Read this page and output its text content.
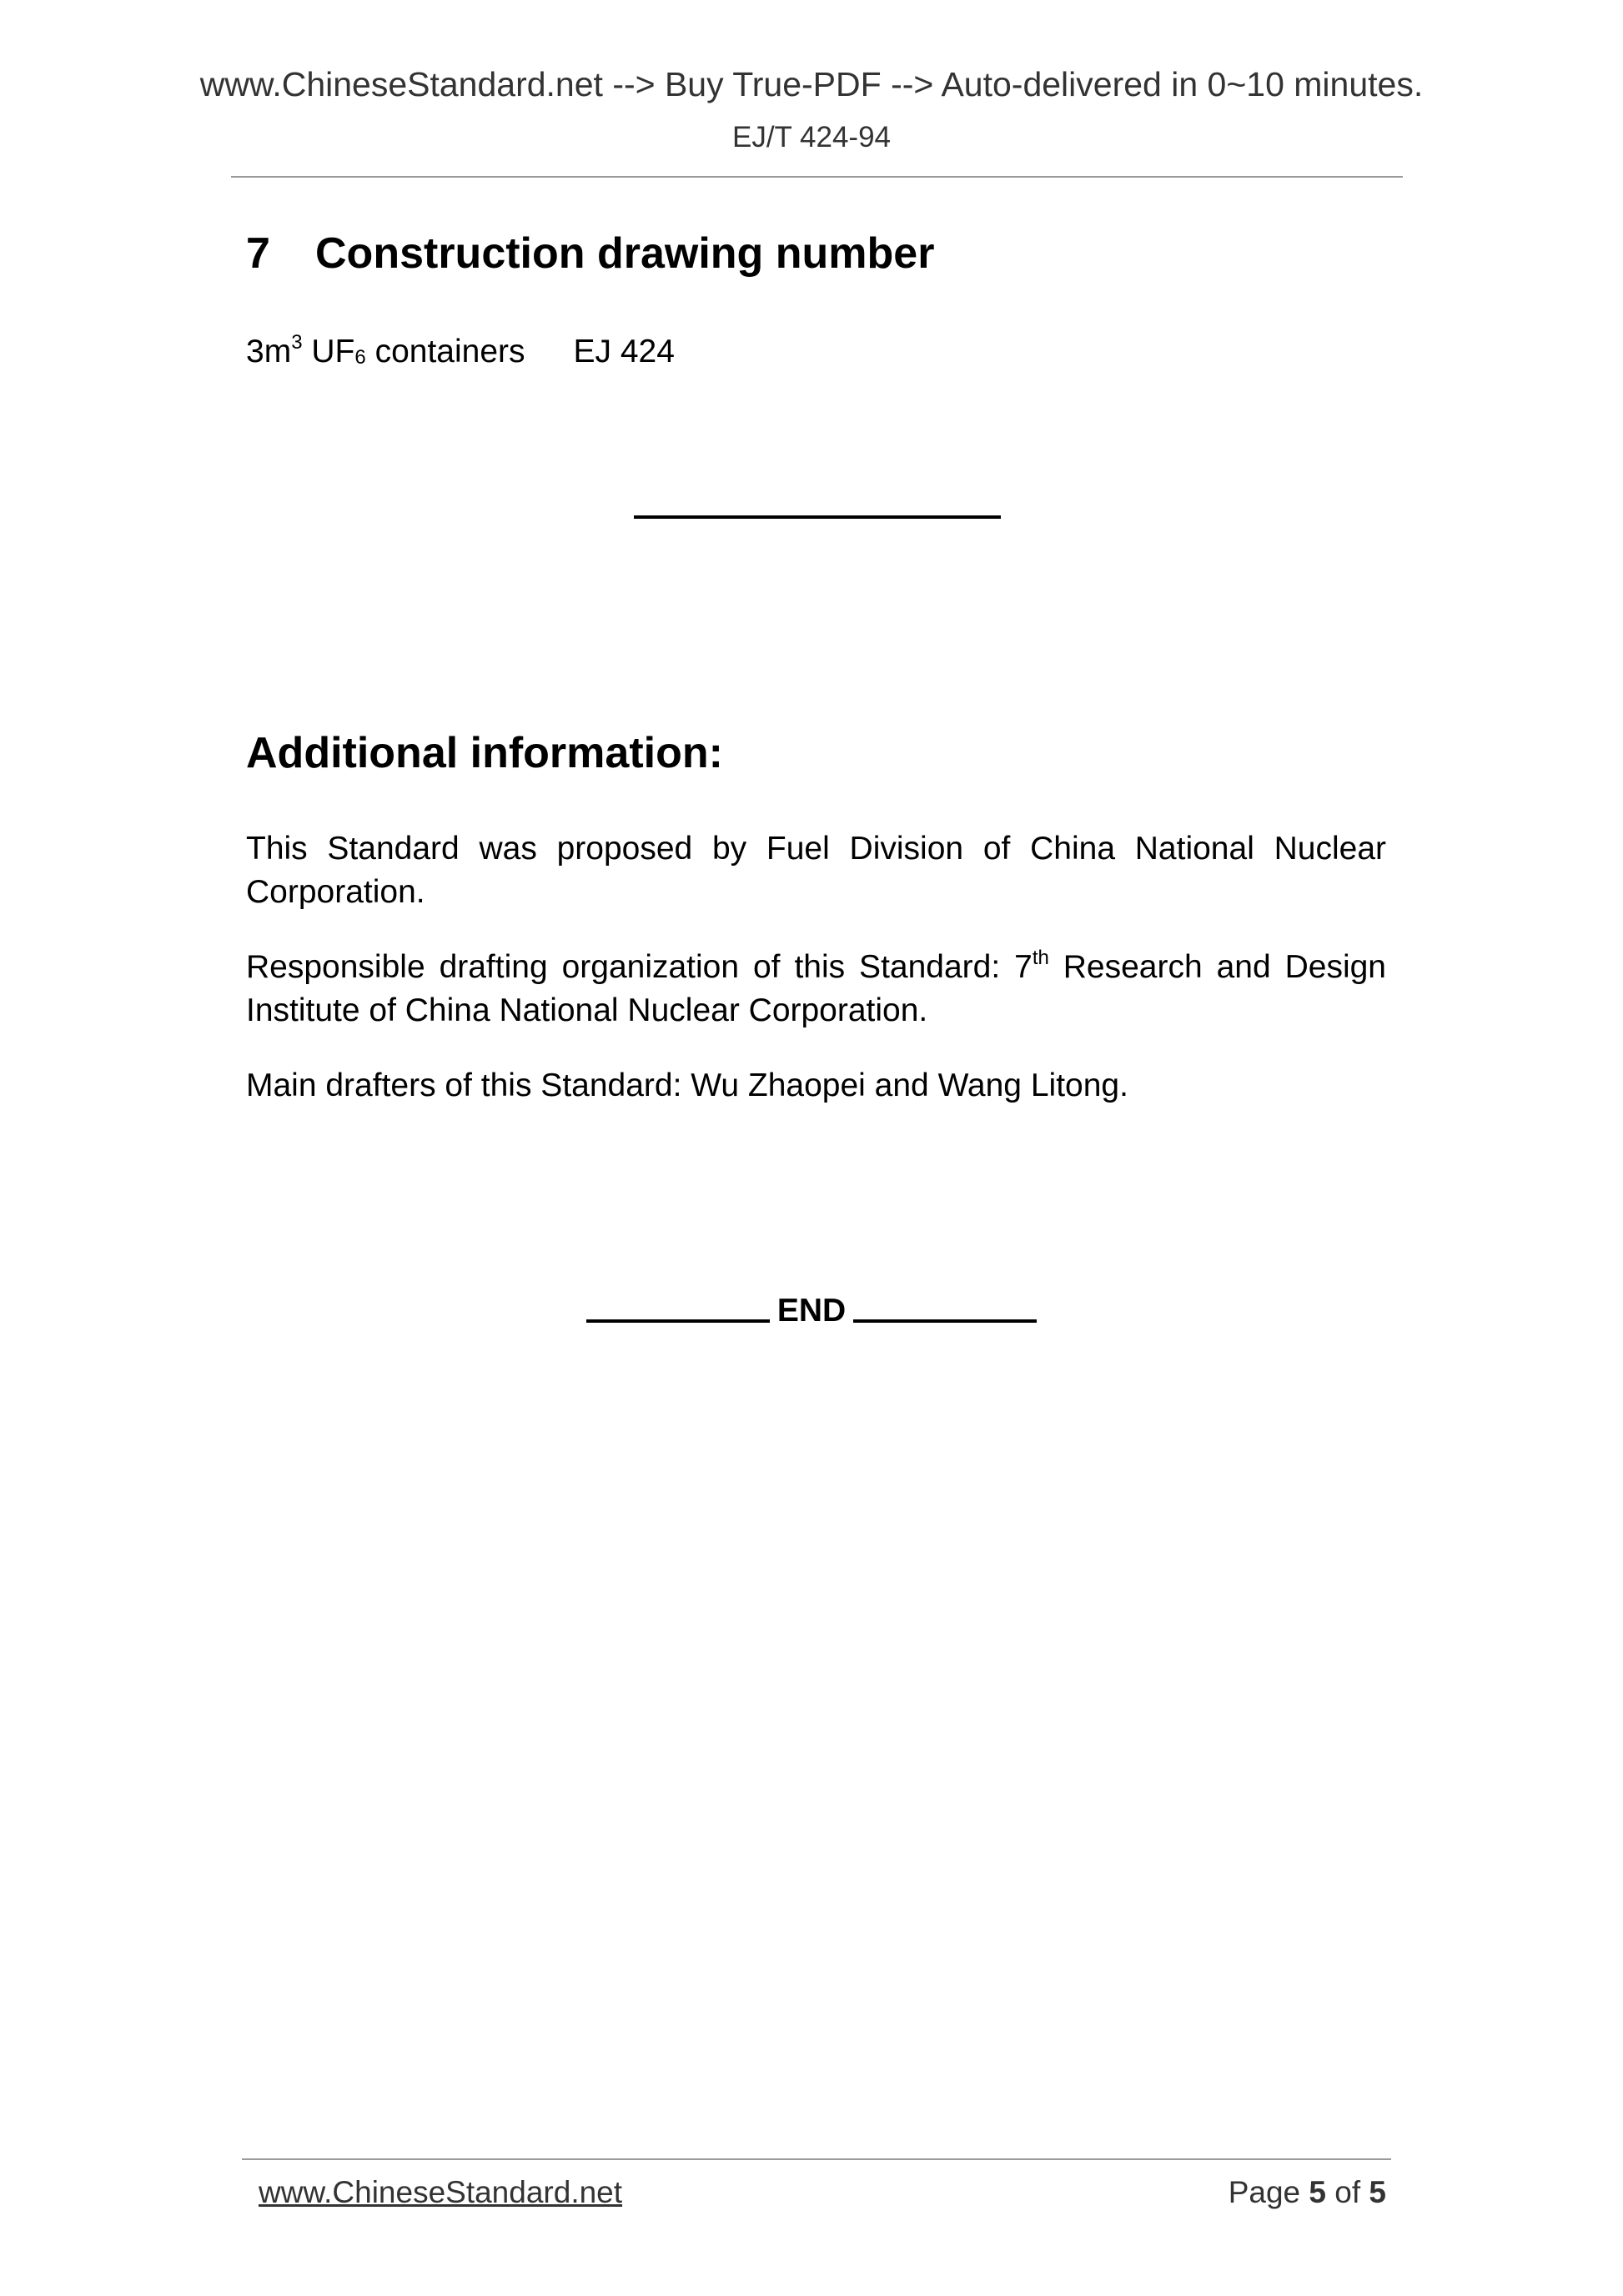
www.ChineseStandard.net --> Buy True-PDF --> Auto-delivered in 0~10 minutes.
EJ/T 424-94
7 Construction drawing number
$3m^3$ $UF_6$ containers EJ 424
Additional information:

This Standard was proposed by Fuel Division of China National Nuclear Corporation.

Responsible drafting organization of this Standard: 7th Research and Design Institute of China National Nuclear Corporation.

Main drafters of this Standard: Wu Zhaopei and Wang Litong.

END
www.ChineseStandard.net	Page 5 of 5
